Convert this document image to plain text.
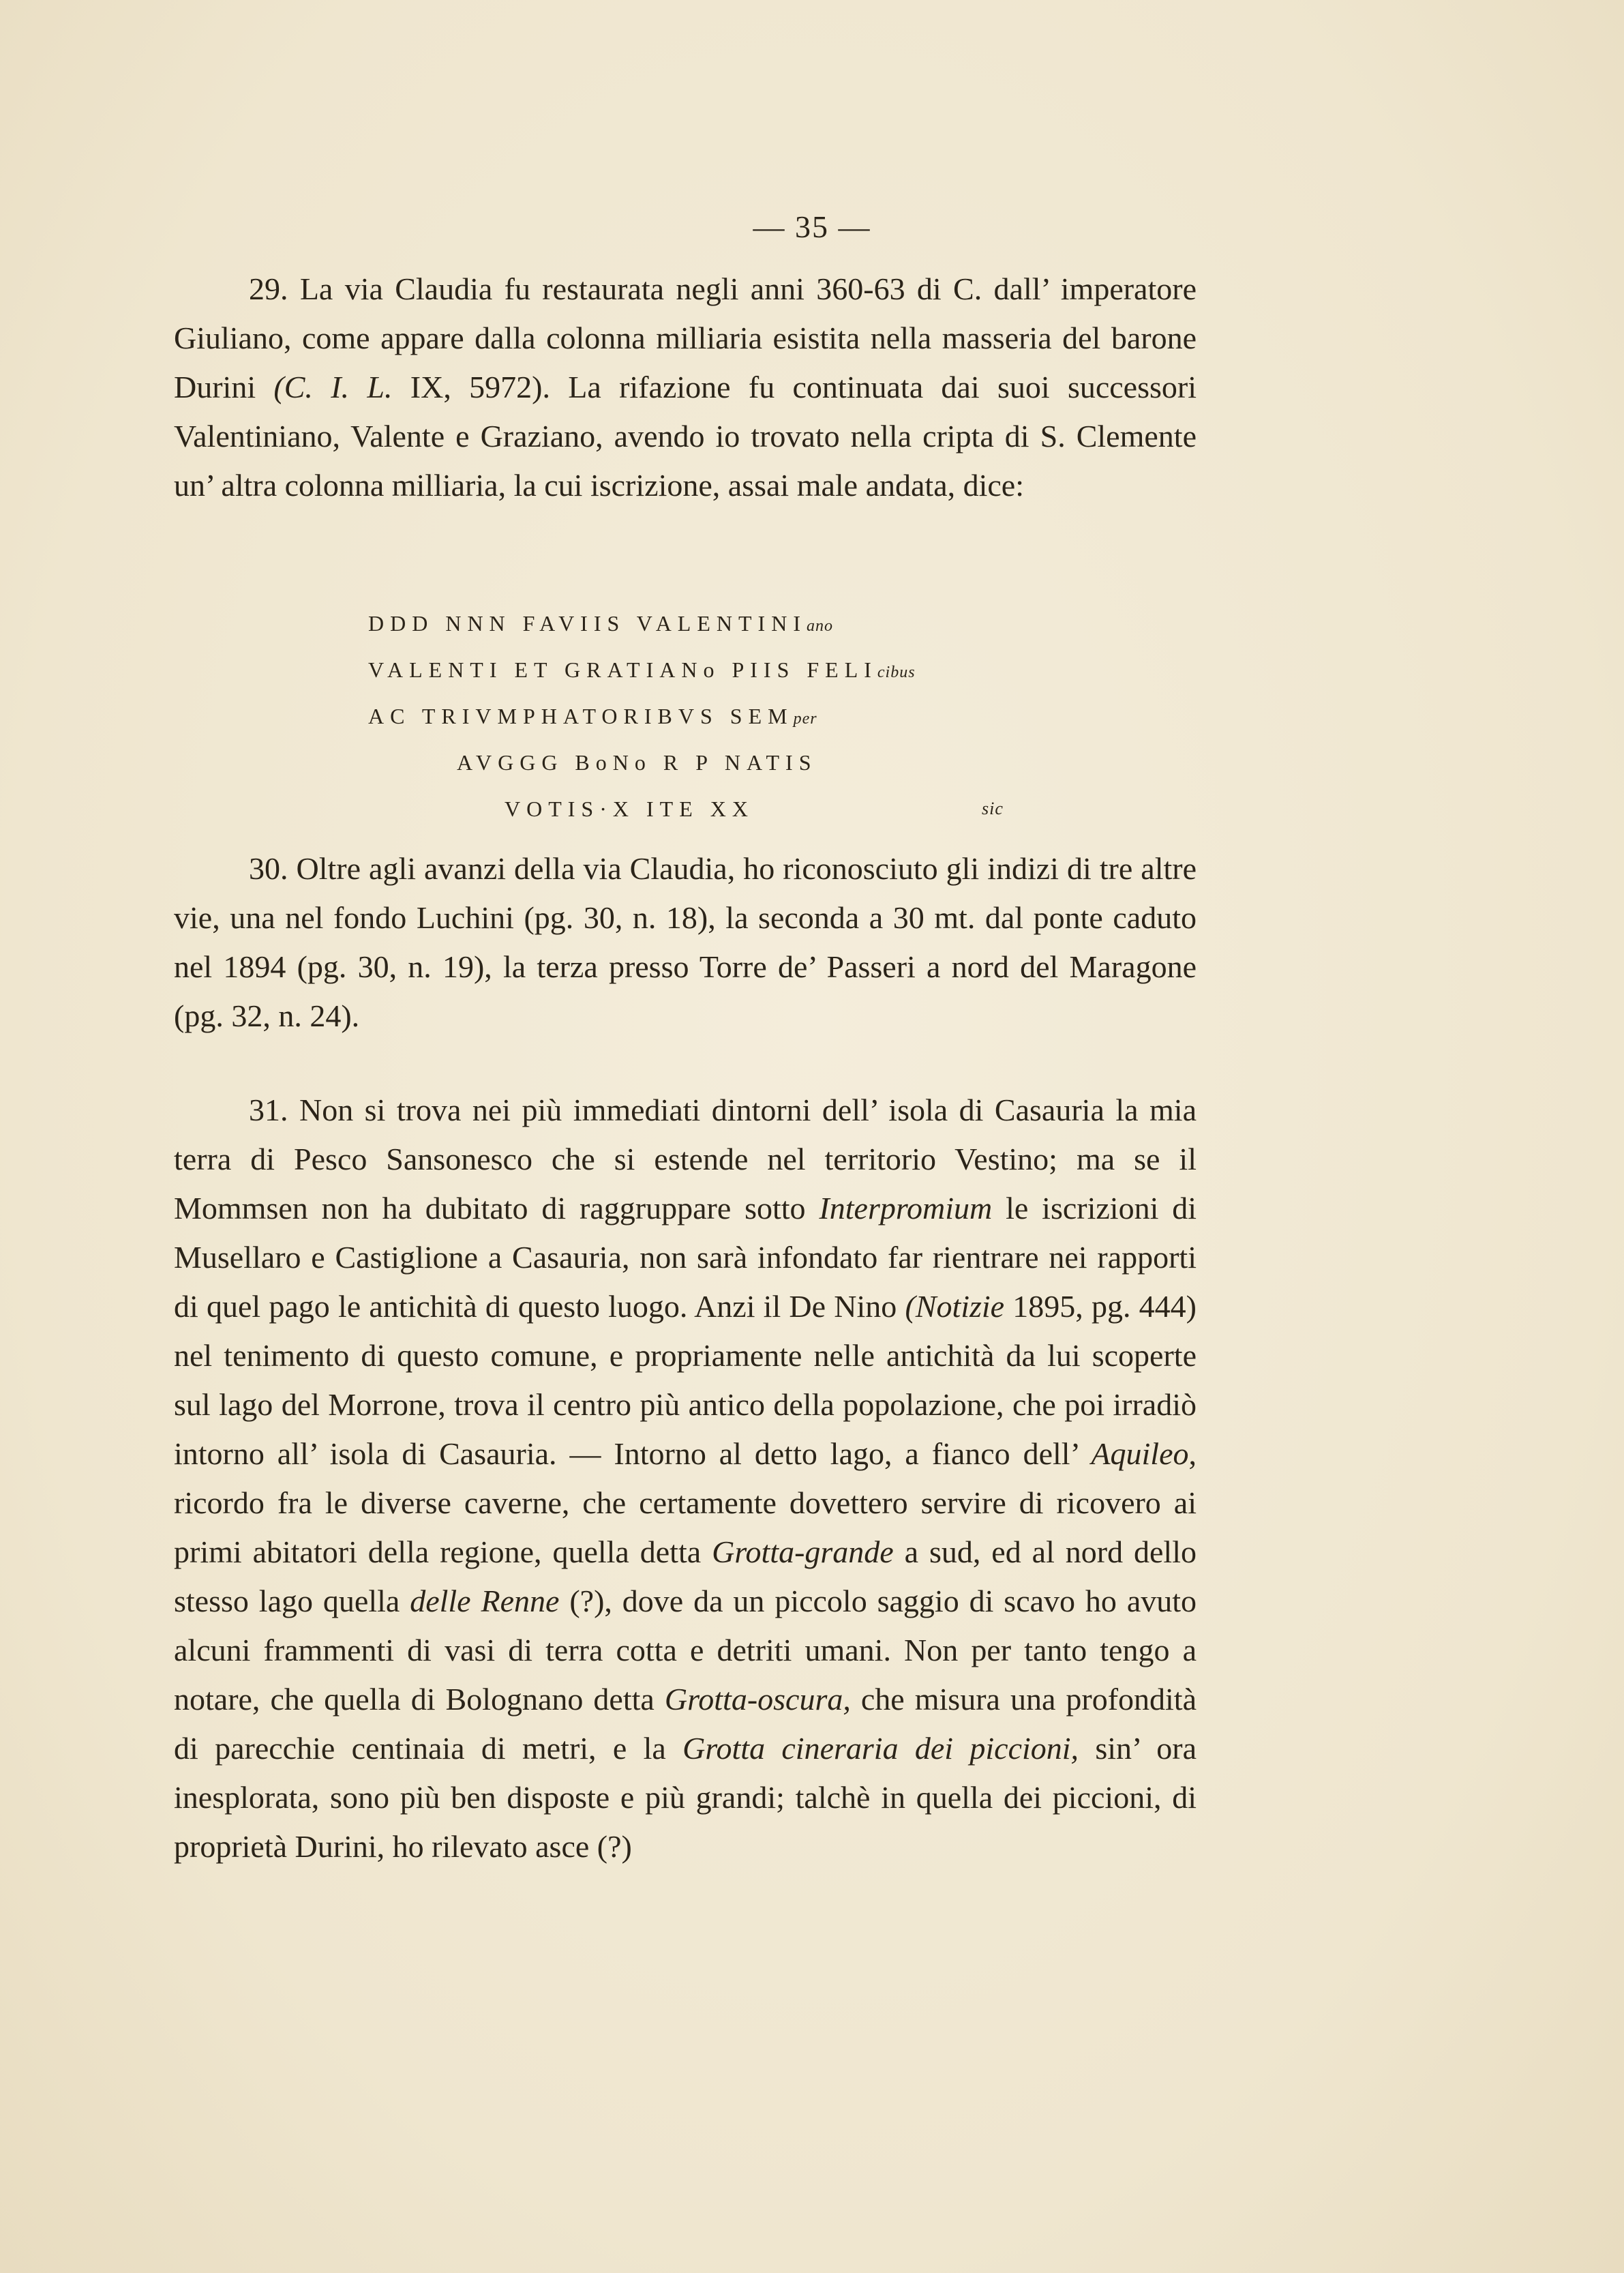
— 35 —

29. La via Claudia fu restaurata negli anni 360-63 di C. dall’ imperatore Giuliano, come appare dalla colonna milliaria esistita nella masseria del barone Durini (C. I. L. IX, 5972). La rifazione fu continuata dai suoi successori Valentiniano, Valente e Graziano, avendo io trovato nella cripta di S. Clemente un’ altra colonna milliaria, la cui iscrizione, assai male andata, dice:

DDD NNN FAVIIS VALENTINIano
VALENTI ET GRATIANo PIIS FELIcibus
AC TRIVMPHATORIBVS SEMper
AVGGG BoNo R P NATIS
VOTIS·X ITE XX	sic

30. Oltre agli avanzi della via Claudia, ho riconosciuto gli indizi di tre altre vie, una nel fondo Luchini (pg. 30, n. 18), la seconda a 30 mt. dal ponte caduto nel 1894 (pg. 30, n. 19), la terza presso Torre de’ Passeri a nord del Maragone (pg. 32, n. 24).

31. Non si trova nei più immediati dintorni dell’ isola di Casauria la mia terra di Pesco Sansonesco che si estende nel territorio Vestino; ma se il Mommsen non ha dubitato di raggruppare sotto Interpromium le iscrizioni di Musellaro e Castiglione a Casauria, non sarà infondato far rientrare nei rapporti di quel pago le antichità di questo luogo. Anzi il De Nino (Notizie 1895, pg. 444) nel tenimento di questo comune, e propriamente nelle antichità da lui scoperte sul lago del Morrone, trova il centro più antico della popolazione, che poi irradiò intorno all’ isola di Casauria. — Intorno al detto lago, a fianco dell’ Aquileo, ricordo fra le diverse caverne, che certamente dovettero servire di ricovero ai primi abitatori della regione, quella detta Grotta-grande a sud, ed al nord dello stesso lago quella delle Renne (?), dove da un piccolo saggio di scavo ho avuto alcuni frammenti di vasi di terra cotta e detriti umani. Non per tanto tengo a notare, che quella di Bolognano detta Grotta-oscura, che misura una profondità di parecchie centinaia di metri, e la Grotta cineraria dei piccioni, sin’ ora inesplorata, sono più ben disposte e più grandi; talchè in quella dei piccioni, di proprietà Durini, ho rilevato asce (?)
